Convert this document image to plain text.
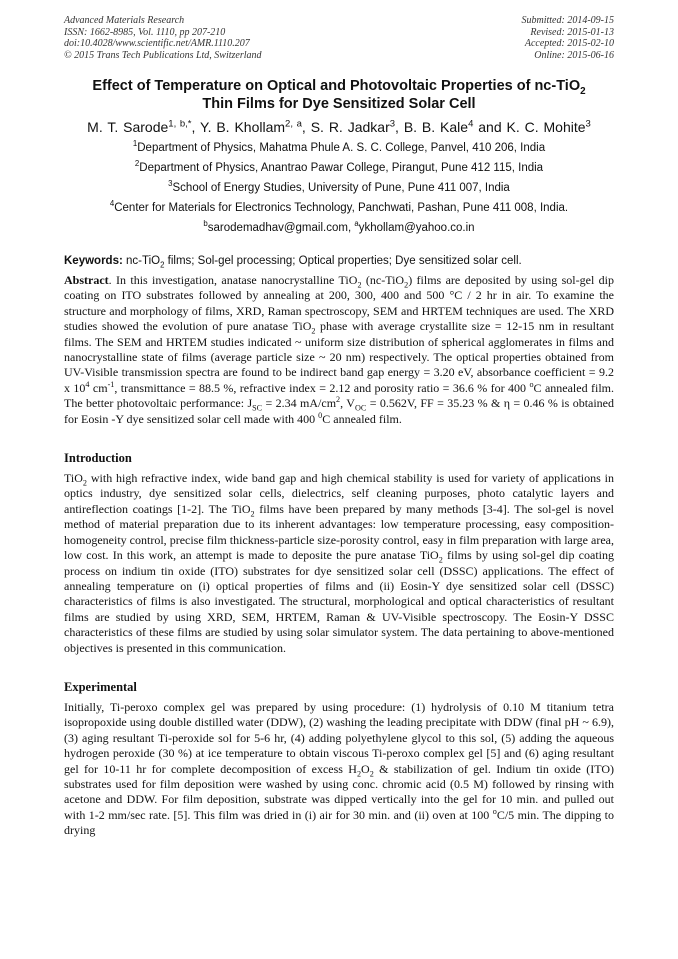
Advanced Materials Research
ISSN: 1662-8985, Vol. 1110, pp 207-210
doi:10.4028/www.scientific.net/AMR.1110.207
© 2015 Trans Tech Publications Ltd, Switzerland
Submitted: 2014-09-15
Revised: 2015-01-13
Accepted: 2015-02-10
Online: 2015-06-16
Effect of Temperature on Optical and Photovoltaic Properties of nc-TiO$_2$
Thin Films for Dye Sensitized Solar Cell
M. T. Sarode$^{1, b,*}$, Y. B. Khollam$^{2, a}$, S. R. Jadkar$^3$, B. B. Kale$^4$ and K. C. Mohite$^3$
$^1$Department of Physics, Mahatma Phule A. S. C. College, Panvel, 410 206, India
$^2$Department of Physics, Anantrao Pawar College, Pirangut, Pune 412 115, India
$^3$School of Energy Studies, University of Pune, Pune 411 007, India
$^4$Center for Materials for Electronics Technology, Panchwati, Pashan, Pune 411 008, India.
$^b$sarodemadhav@gmail.com, $^a$ykhollam@yahoo.co.in
Keywords: nc-TiO$_2$ films; Sol-gel processing; Optical properties; Dye sensitized solar cell.

Abstract. In this investigation, anatase nanocrystalline TiO$_2$ (nc-TiO$_2$) films are deposited by using sol-gel dip coating on ITO substrates followed by annealing at 200, 300, 400 and 500 °C / 2 hr in air. To examine the structure and morphology of films, XRD, Raman spectroscopy, SEM and HRTEM techniques are used. The XRD studies showed the evolution of pure anatase TiO$_2$ phase with average crystallite size = 12-15 nm in resultant films. The SEM and HRTEM studies indicated ~ uniform size distribution of spherical agglomerates in films and nanocrystalline state of films (average particle size ~ 20 nm) respectively. The optical properties obtained from UV-Visible transmission spectra are found to be indirect band gap energy = 3.20 eV, absorbance coefficient = 9.2 x $10^4$ $cm^{-1}$, transmittance = 88.5 %, refractive index = 2.12 and porosity ratio = 36.6 % for 400 $^o$C annealed film. The better photovoltaic performance: $J_{SC} = 2.34$ $mA/cm^2$, $V_{OC} = 0.562V$, FF = 35.23 % & η = 0.46 % is obtained for Eosin -Y dye sensitized solar cell made with 400 $^0$C annealed film.

Introduction

TiO$_2$ with high refractive index, wide band gap and high chemical stability is used for variety of applications in optics industry, dye sensitized solar cells, dielectrics, self cleaning purposes, photo catalytic layers and antireflection coatings [1-2]. The TiO$_2$ films have been prepared by many methods [3-4]. The sol-gel is novel method of material preparation due to its inherent advantages: low temperature processing, easy composition-homogeneity control, precise film thickness-particle size-porosity control, easy in film preparation with large area, low cost. In this work, an attempt is made to deposite the pure anatase TiO$_2$ films by using sol-gel dip coating process on indium tin oxide (ITO) substrates for dye sensitized solar cell (DSSC) applications. The effect of annealing temperature on (i) optical properties of films and (ii) Eosin-Y dye sensitized solar cell (DSSC) characteristics of films is also investigated. The structural, morphological and optical characteristics of resultant films are studied by using XRD, SEM, HRTEM, Raman & UV-Visible spectroscopy. The Eosin-Y DSSC characteristics of these films are studied by using solar simulator system. The data pertaining to above-mentioned objectives is presented in this communication.

Experimental

Initially, Ti-peroxo complex gel was prepared by using procedure: (1) hydrolysis of 0.10 M titanium tetra isopropoxide using double distilled water (DDW), (2) washing the leading precipitate with DDW (final pH ~ 6.9), (3) aging resultant Ti-peroxide sol for 5-6 hr, (4) adding polyethylene glycol to this sol, (5) adding the aqueous hydrogen peroxide (30 %) at ice temperature to obtain viscous Ti-peroxo complex gel [5] and (6) aging resultant gel for 10-11 hr for complete decomposition of excess $H_2O_2$ & stabilization of gel. Indium tin oxide (ITO) substrates used for film deposition were washed by using conc. chromic acid (0.5 M) followed by rinsing with acetone and DDW. For film deposition, substrate was dipped vertically into the gel for 10 min. and pulled out with 1-2 mm/sec rate. [5]. This film was dried in (i) air for 30 min. and (ii) oven at 100 $^o$C/5 min. The dipping to drying
